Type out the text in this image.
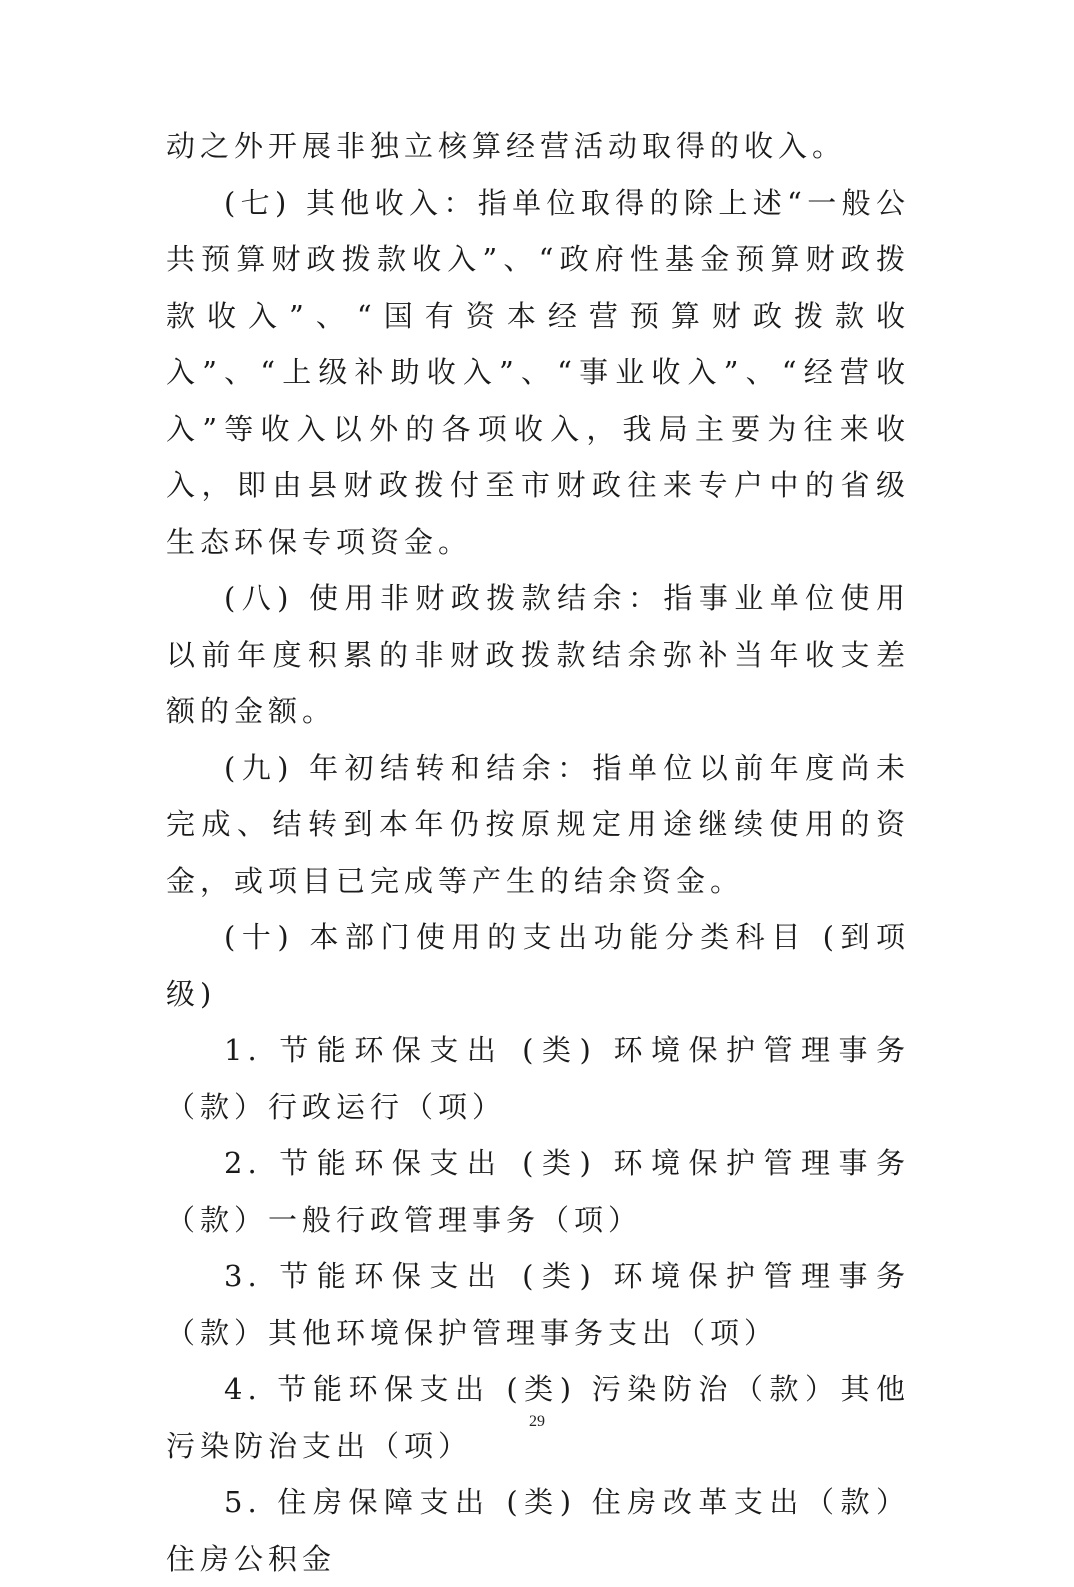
动之外开展非独立核算经营活动取得的收入。

(七) 其他收入：指单位取得的除上述“一般公共预算财政拨款收入”、“政府性基金预算财政拨款收入”、“国有资本经营预算财政拨款收入”、“上级补助收入”、“事业收入”、“经营收入”等收入以外的各项收入，我局主要为往来收入，即由县财政拨付至市财政往来专户中的省级生态环保专项资金。

(八) 使用非财政拨款结余：指事业单位使用以前年度积累的非财政拨款结余弥补当年收支差额的金额。

(九) 年初结转和结余：指单位以前年度尚未完成、结转到本年仍按原规定用途继续使用的资金，或项目已完成等产生的结余资金。

(十) 本部门使用的支出功能分类科目 (到项级)

1. 节能环保支出 (类) 环境保护管理事务（款）行政运行（项）

2. 节能环保支出 (类) 环境保护管理事务（款）一般行政管理事务（项）

3. 节能环保支出 (类) 环境保护管理事务（款）其他环境保护管理事务支出（项）

4. 节能环保支出 (类) 污染防治（款）其他污染防治支出（项）

5. 住房保障支出 (类) 住房改革支出（款）住房公积金

29
